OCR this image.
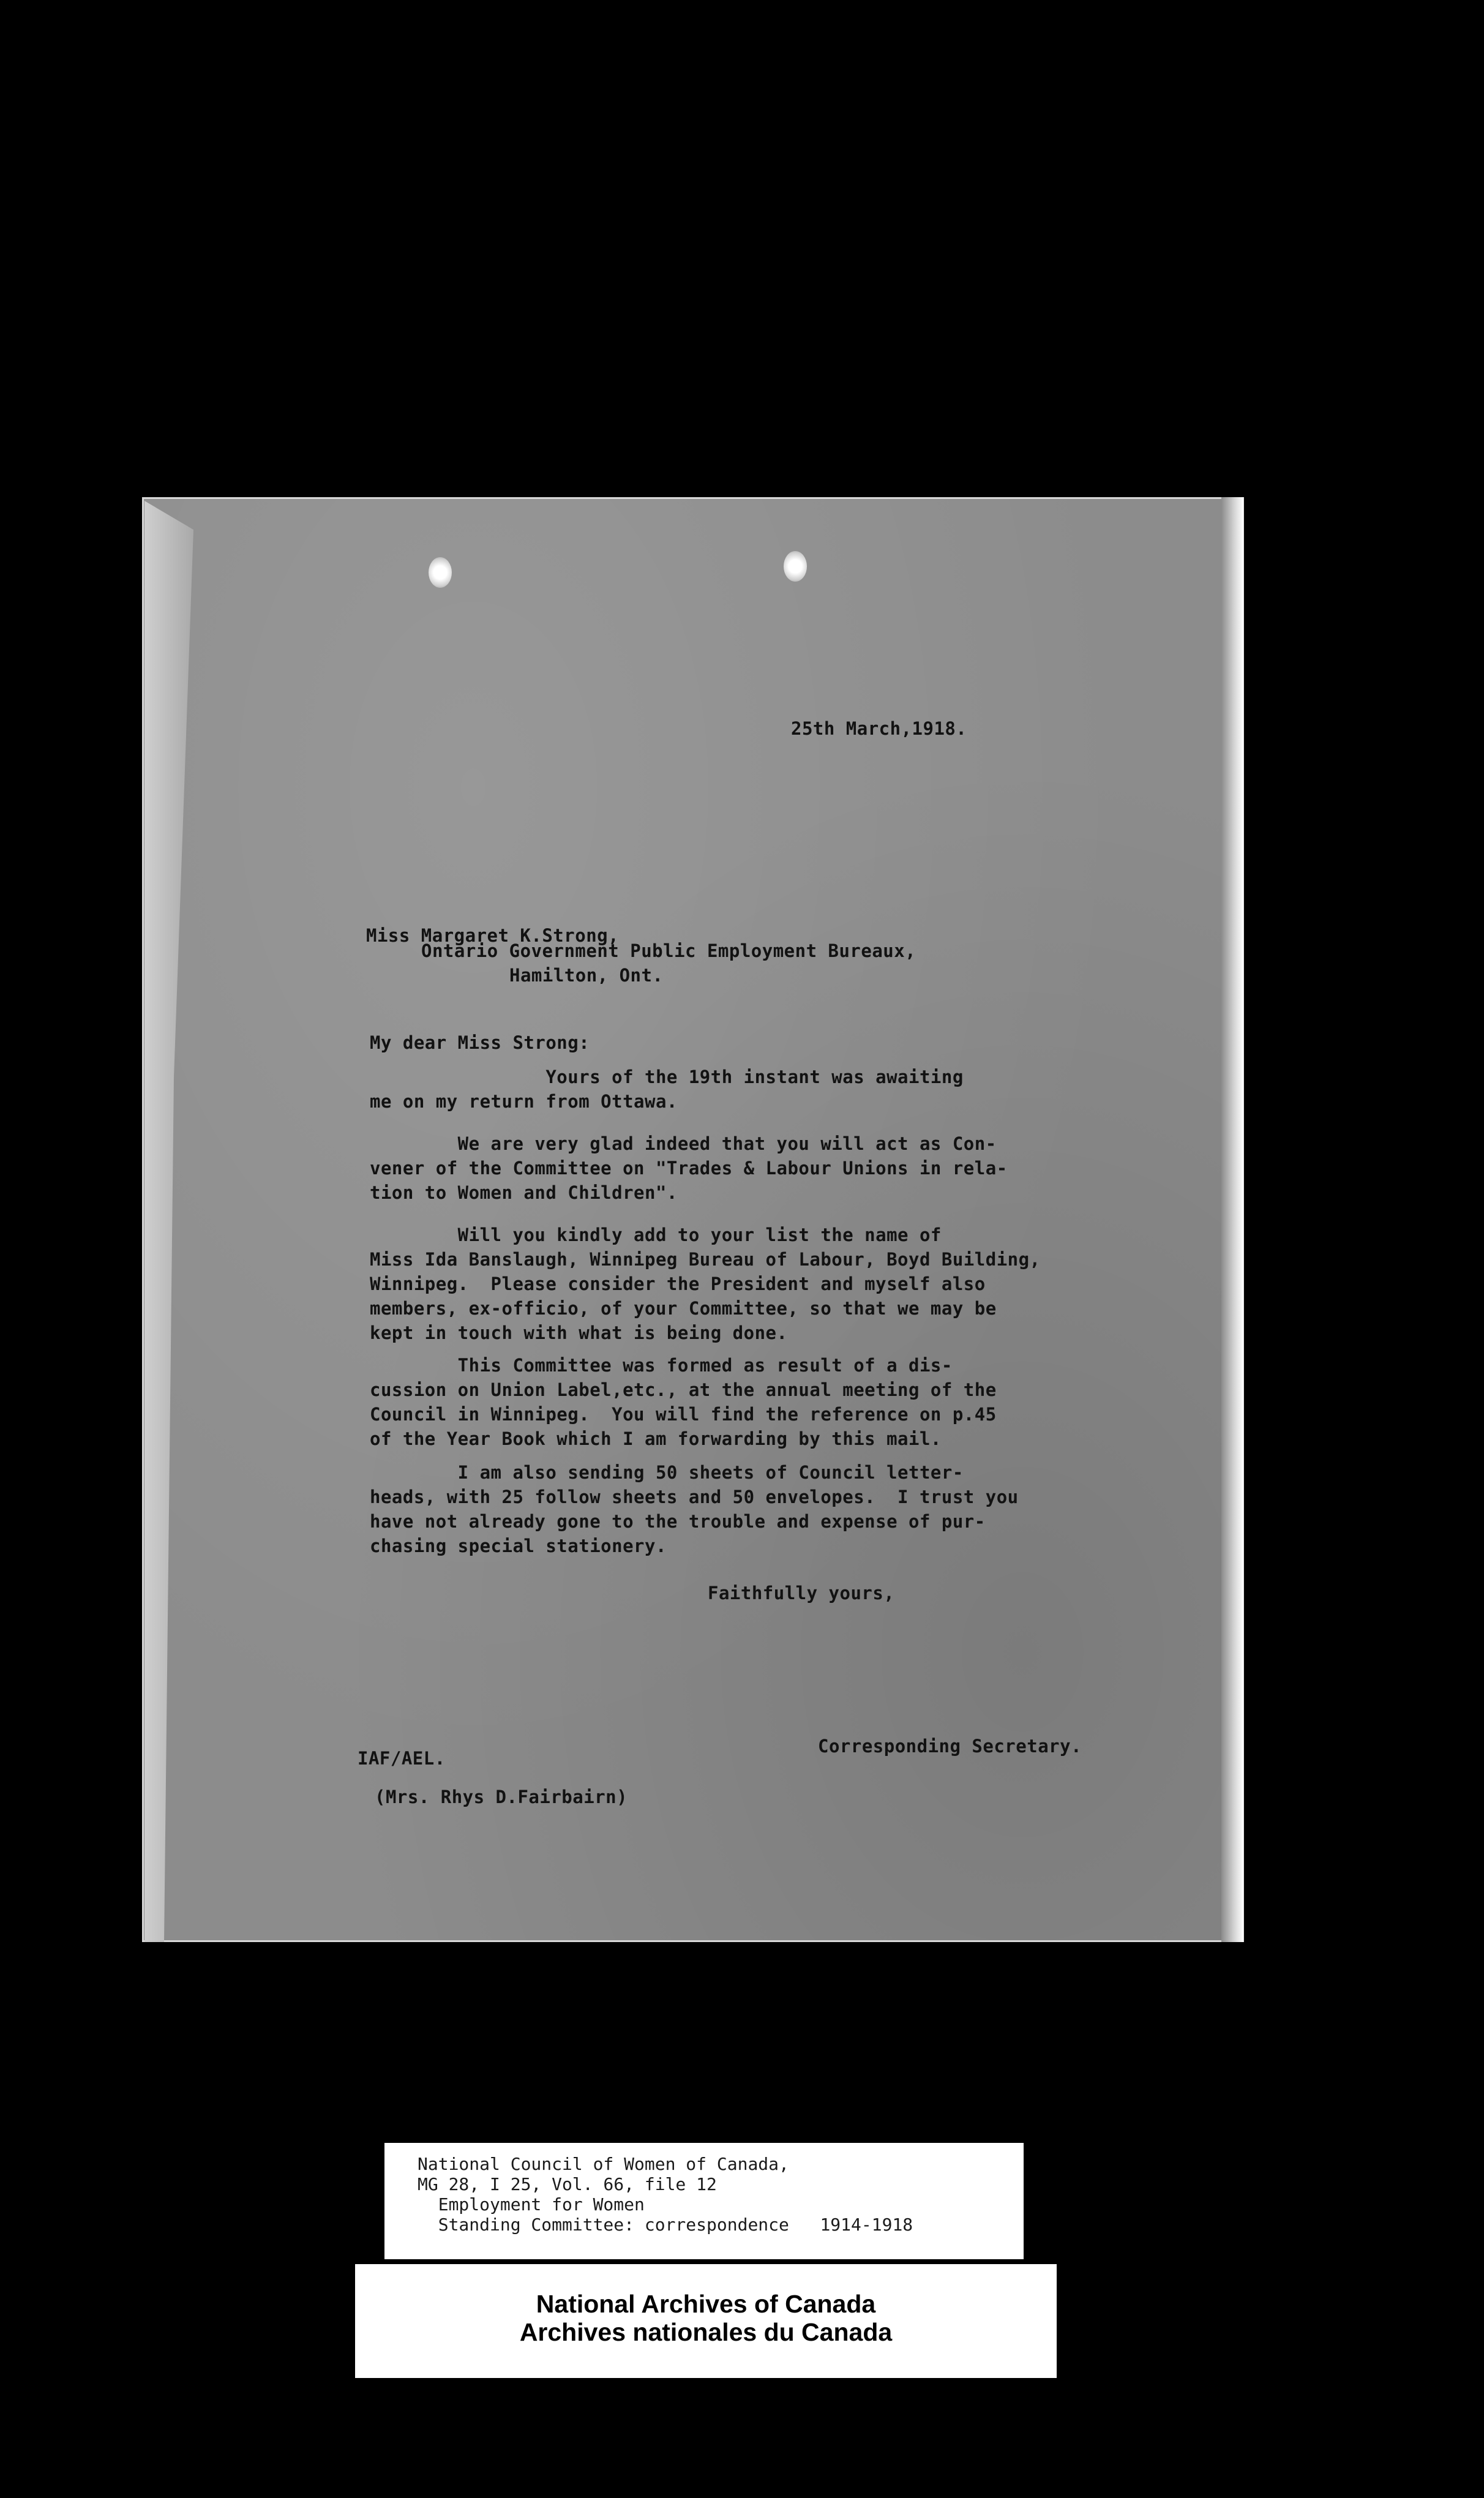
25th March,1918.
Miss Margaret K.Strong,
Ontario Government Public Employment Bureaux,
Hamilton, Ont.
My dear Miss Strong:
Yours of the 19th instant was awaiting
me on my return from Ottawa.
We are very glad indeed that you will act as Con-
vener of the Committee on "Trades & Labour Unions in rela-
tion to Women and Children".
Will you kindly add to your list the name of
Miss Ida Banslaugh, Winnipeg Bureau of Labour, Boyd Building,
Winnipeg.  Please consider the President and myself also
members, ex-officio, of your Committee, so that we may be
kept in touch with what is being done.
This Committee was formed as result of a dis-
cussion on Union Label,etc., at the annual meeting of the
Council in Winnipeg.  You will find the reference on p.45
of the Year Book which I am forwarding by this mail.
I am also sending 50 sheets of Council letter-
heads, with 25 follow sheets and 50 envelopes.  I trust you
have not already gone to the trouble and expense of pur-
chasing special stationery.
Faithfully yours,
Corresponding Secretary.
IAF/AEL.
(Mrs. Rhys D.Fairbairn)
National Council of Women of Canada,
MG 28, I 25, Vol. 66, file 12
Employment for Women
Standing Committee: correspondence   1914-1918
National Archives of Canada
Archives nationales du Canada
